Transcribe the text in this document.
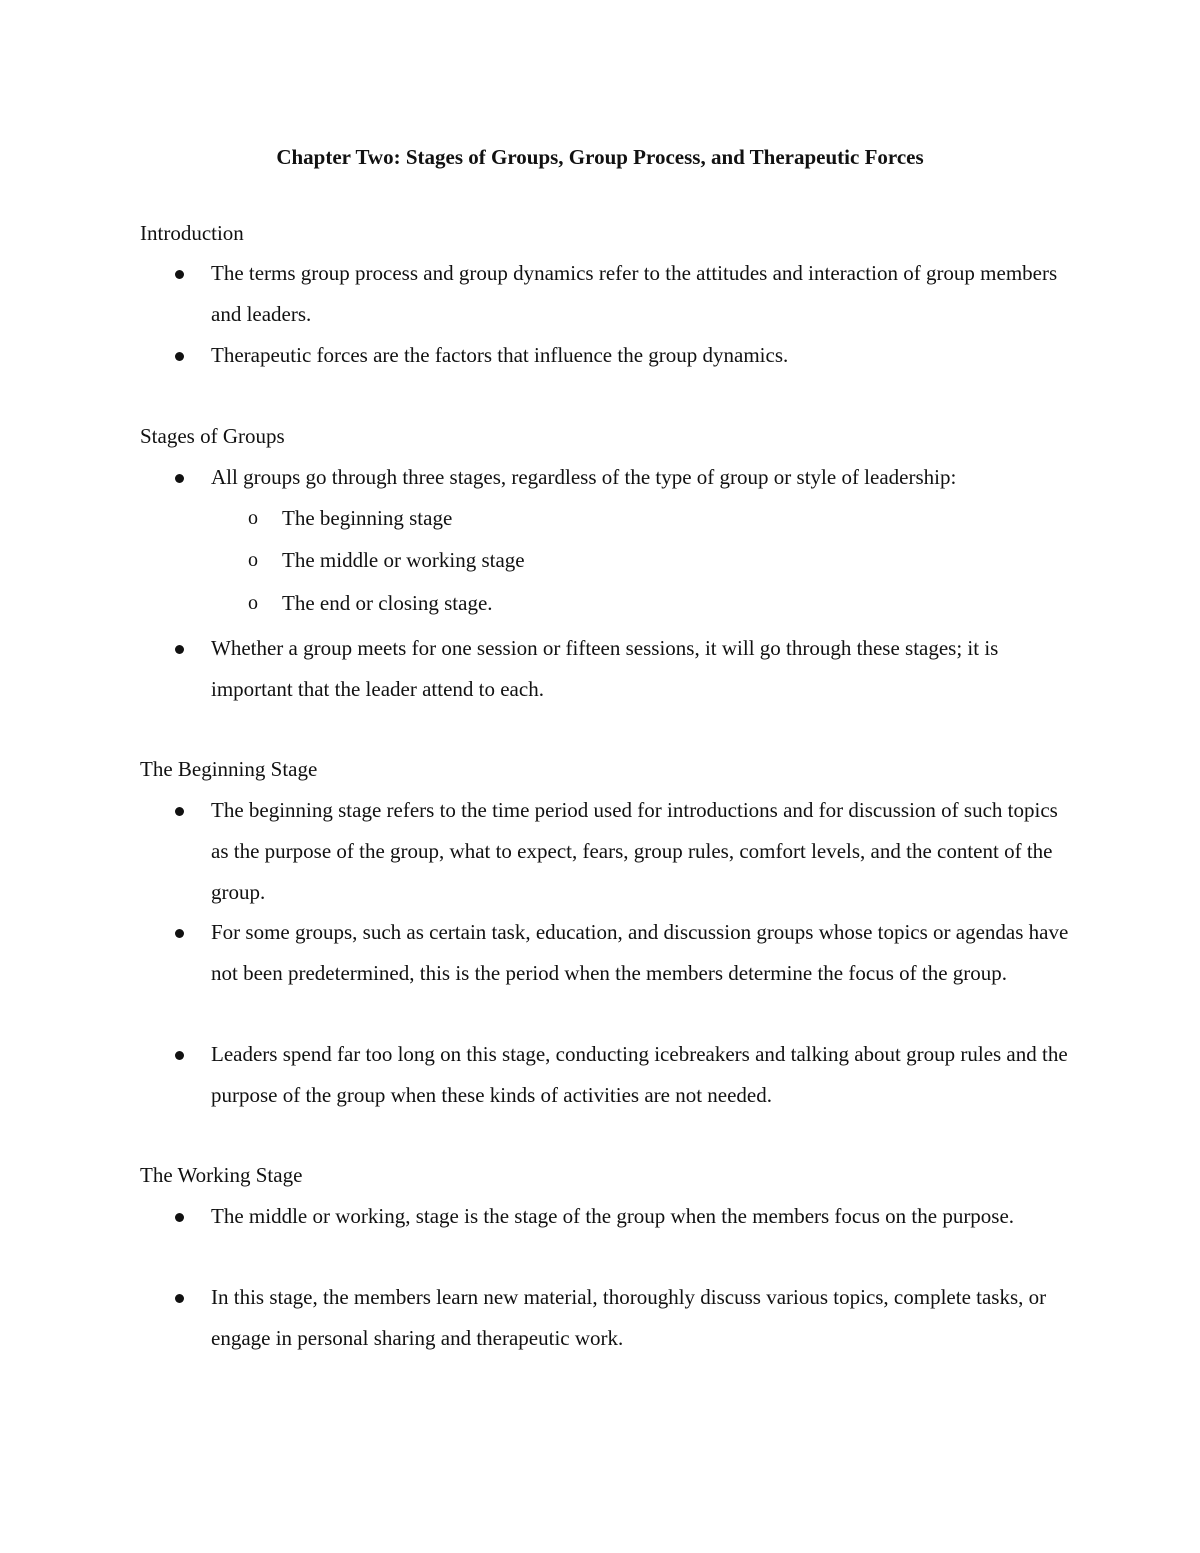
Chapter Two: Stages of Groups, Group Process, and Therapeutic Forces

Introduction

The terms group process and group dynamics refer to the attitudes and interaction of group members and leaders.
Therapeutic forces are the factors that influence the group dynamics.

Stages of Groups

All groups go through three stages, regardless of the type of group or style of leadership:

o The beginning stage

o The middle or working stage

o The end or closing stage.

Whether a group meets for one session or fifteen sessions, it will go through these stages; it is important that the leader attend to each.

The Beginning Stage

The beginning stage refers to the time period used for introductions and for discussion of such topics as the purpose of the group, what to expect, fears, group rules, comfort levels, and the content of the group.
For some groups, such as certain task, education, and discussion groups whose topics or agendas have not been predetermined, this is the period when the members determine the focus of the group.
Leaders spend far too long on this stage, conducting icebreakers and talking about group rules and the purpose of the group when these kinds of activities are not needed.

The Working Stage

The middle or working, stage is the stage of the group when the members focus on the purpose.
In this stage, the members learn new material, thoroughly discuss various topics, complete tasks, or engage in personal sharing and therapeutic work.
